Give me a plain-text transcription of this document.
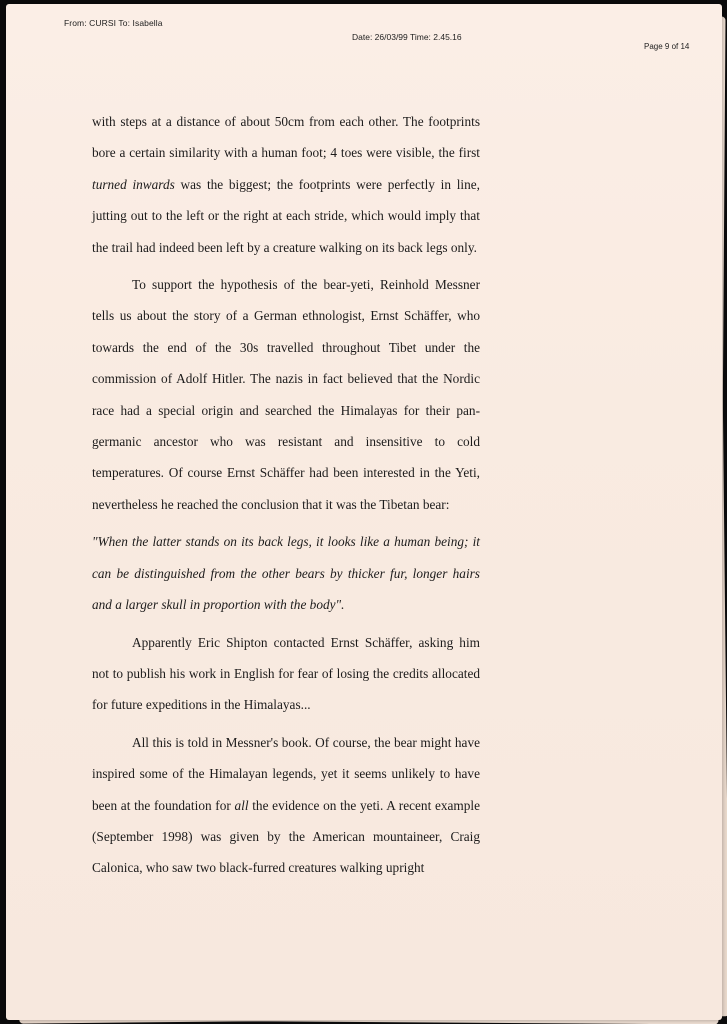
From: CURSI To: Isabella
Date: 26/03/99 Time: 2.45.16
Page 9 of 14

with steps at a distance of about 50cm from each other. The footprints bore a certain similarity with a human foot; 4 toes were visible, the first turned inwards was the biggest; the footprints were perfectly in line, jutting out to the left or the right at each stride, which would imply that the trail had indeed been left by a creature walking on its back legs only.

To support the hypothesis of the bear-yeti, Reinhold Messner tells us about the story of a German ethnologist, Ernst Schäffer, who towards the end of the 30s travelled throughout Tibet under the commission of Adolf Hitler. The nazis in fact believed that the Nordic race had a special origin and searched the Himalayas for their pan-germanic ancestor who was resistant and insensitive to cold temperatures. Of course Ernst Schäffer had been interested in the Yeti, nevertheless he reached the conclusion that it was the Tibetan bear:

"When the latter stands on its back legs, it looks like a human being; it can be distinguished from the other bears by thicker fur, longer hairs and a larger skull in proportion with the body".

Apparently Eric Shipton contacted Ernst Schäffer, asking him not to publish his work in English for fear of losing the credits allocated for future expeditions in the Himalayas...

All this is told in Messner's book. Of course, the bear might have inspired some of the Himalayan legends, yet it seems unlikely to have been at the foundation for all the evidence on the yeti. A recent example (September 1998) was given by the American mountaineer, Craig Calonica, who saw two black-furred creatures walking upright
